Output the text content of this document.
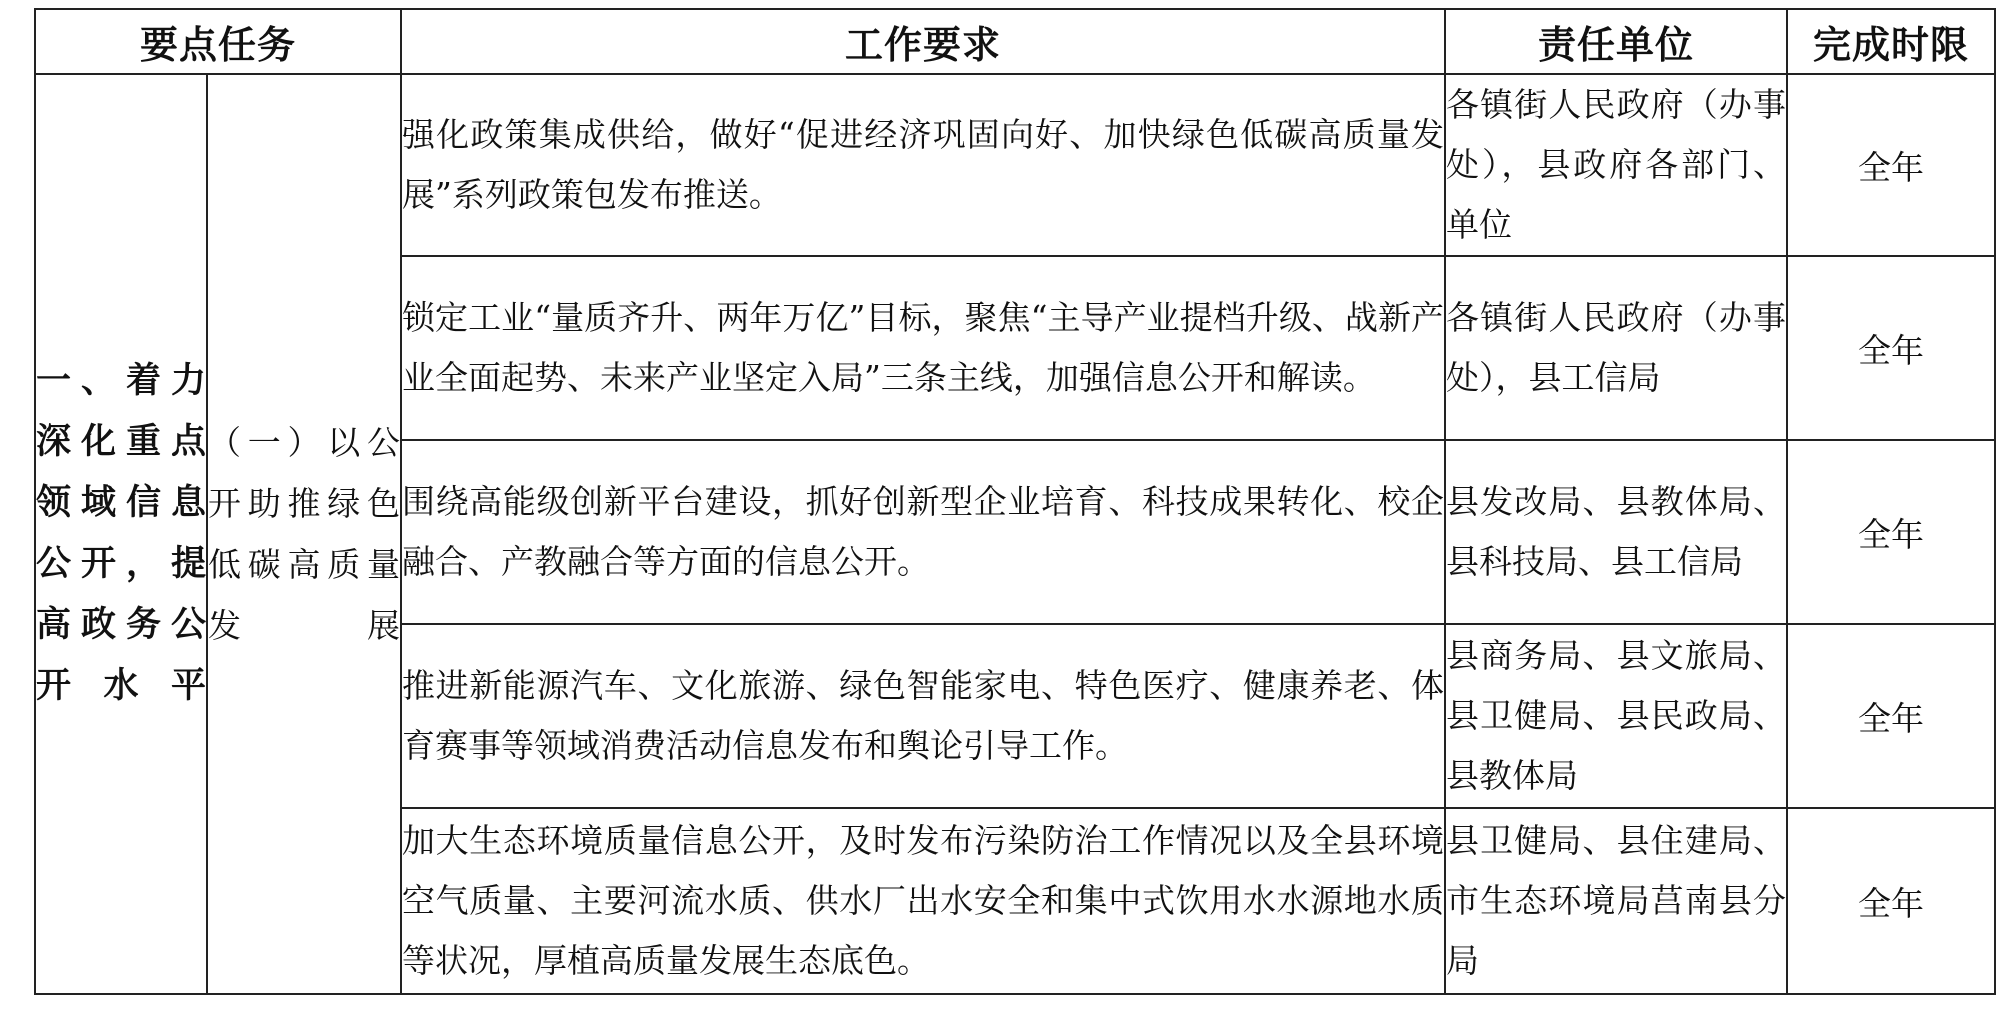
要点任务		工作要求	责任单位	完成时限
一、着力深化重点领域信息公开，提高政务公开水平	（一）以公开助推绿色低碳高质量发展	强化政策集成供给，做好“促进经济巩固向好、加快绿色低碳高质量发展”系列政策包发布推送。	各镇街人民政府（办事处），县政府各部门、单位	全年
		锁定工业“量质齐升、两年万亿”目标，聚焦“主导产业提档升级、战新产业全面起势、未来产业坚定入局”三条主线，加强信息公开和解读。	各镇街人民政府（办事处），县工信局	全年
		围绕高能级创新平台建设，抓好创新型企业培育、科技成果转化、校企融合、产教融合等方面的信息公开。	县发改局、县教体局、县科技局、县工信局	全年
		推进新能源汽车、文化旅游、绿色智能家电、特色医疗、健康养老、体育赛事等领域消费活动信息发布和舆论引导工作。	县商务局、县文旅局、县卫健局、县民政局、县教体局	全年
		加大生态环境质量信息公开，及时发布污染防治工作情况以及全县环境空气质量、主要河流水质、供水厂出水安全和集中式饮用水水源地水质等状况，厚植高质量发展生态底色。	县卫健局、县住建局、市生态环境局莒南县分局	全年
